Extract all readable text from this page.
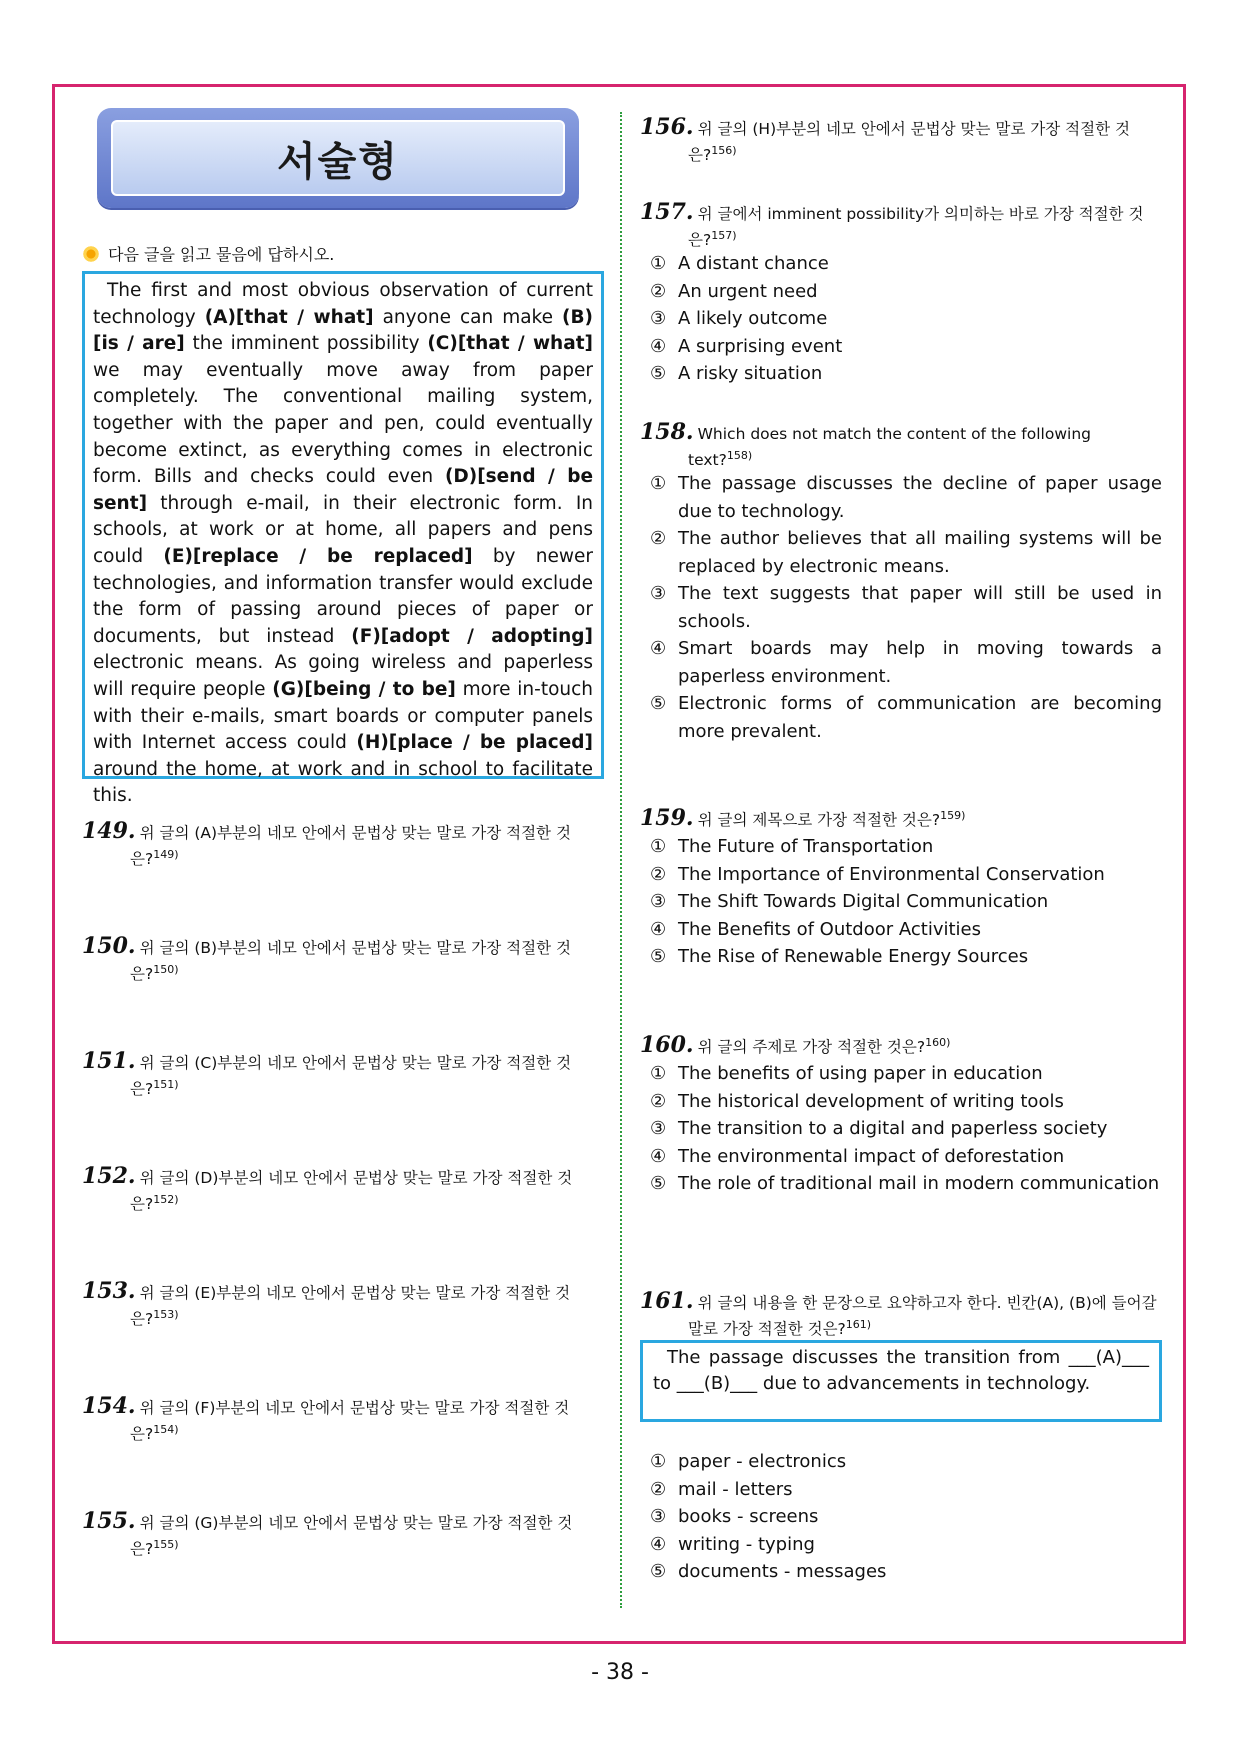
서술형
다음 글을 읽고 물음에 답하시오.
The first and most obvious observation of current technology (A)[that / what] anyone can make (B)[is / are] the imminent possibility (C)[that / what] we may eventually move away from paper completely. The conventional mailing system, together with the paper and pen, could eventually become extinct, as everything comes in electronic form. Bills and checks could even (D)[send / be sent] through e-mail, in their electronic form. In schools, at work or at home, all papers and pens could (E)[replace / be replaced] by newer technologies, and information transfer would exclude the form of passing around pieces of paper or documents, but instead (F)[adopt / adopting] electronic means. As going wireless and paperless will require people (G)[being / to be] more in-touch with their e-mails, smart boards or computer panels with Internet access could (H)[place / be placed] around the home, at work and in school to facilitate this.
149. 위 글의 (A)부분의 네모 안에서 문법상 맞는 말로 가장 적절한 것
은?$^{149)}$
150. 위 글의 (B)부분의 네모 안에서 문법상 맞는 말로 가장 적절한 것
은?$^{150)}$
151. 위 글의 (C)부분의 네모 안에서 문법상 맞는 말로 가장 적절한 것
은?$^{151)}$
152. 위 글의 (D)부분의 네모 안에서 문법상 맞는 말로 가장 적절한 것
은?$^{152)}$
153. 위 글의 (E)부분의 네모 안에서 문법상 맞는 말로 가장 적절한 것
은?$^{153)}$
154. 위 글의 (F)부분의 네모 안에서 문법상 맞는 말로 가장 적절한 것
은?$^{154)}$
155. 위 글의 (G)부분의 네모 안에서 문법상 맞는 말로 가장 적절한 것
은?$^{155)}$
156. 위 글의 (H)부분의 네모 안에서 문법상 맞는 말로 가장 적절한 것
은?$^{156)}$
157. 위 글에서 imminent possibility가 의미하는 바로 가장 적절한 것
은?$^{157)}$
① A distant chance
② An urgent need
③ A likely outcome
④ A surprising event
⑤ A risky situation
158. Which does not match the content of the following
text?$^{158)}$
① The passage discusses the decline of paper usage due to technology.
② The author believes that all mailing systems will be replaced by electronic means.
③ The text suggests that paper will still be used in schools.
④ Smart boards may help in moving towards a paperless environment.
⑤ Electronic forms of communication are becoming more prevalent.
159. 위 글의 제목으로 가장 적절한 것은?$^{159)}$
① The Future of Transportation
② The Importance of Environmental Conservation
③ The Shift Towards Digital Communication
④ The Benefits of Outdoor Activities
⑤ The Rise of Renewable Energy Sources
160. 위 글의 주제로 가장 적절한 것은?$^{160)}$
① The benefits of using paper in education
② The historical development of writing tools
③ The transition to a digital and paperless society
④ The environmental impact of deforestation
⑤ The role of traditional mail in modern communication
161. 위 글의 내용을 한 문장으로 요약하고자 한다. 빈칸(A), (B)에 들어갈
말로 가장 적절한 것은?$^{161)}$
The passage discusses the transition from ___(A)___ to ___(B)___ due to advancements in technology.
① paper - electronics
② mail - letters
③ books - screens
④ writing - typing
⑤ documents - messages
- 38 -
